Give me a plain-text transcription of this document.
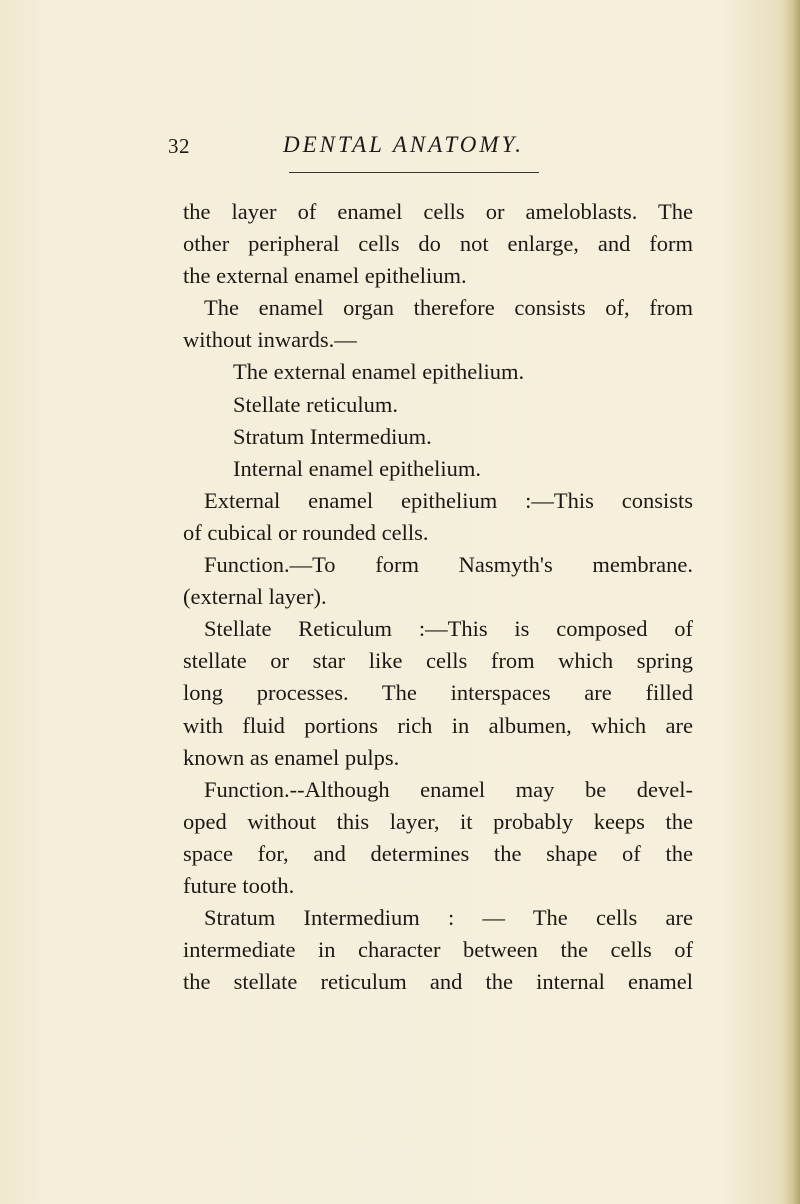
32	DENTAL ANATOMY.
the layer of enamel cells or ameloblasts. The
other peripheral cells do not enlarge, and form
the external enamel epithelium.
The enamel organ therefore consists of, from
without inwards.—
The external enamel epithelium.
Stellate reticulum.
Stratum Intermedium.
Internal enamel epithelium.
External enamel epithelium :—This consists
of cubical or rounded cells.
Function.—To form Nasmyth's membrane.
(external layer).
Stellate Reticulum :—This is composed of
stellate or star like cells from which spring
long processes. The interspaces are filled
with fluid portions rich in albumen, which are
known as enamel pulps.
Function.--Although enamel may be devel-
oped without this layer, it probably keeps the
space for, and determines the shape of the
future tooth.
Stratum Intermedium : — The cells are
intermediate in character between the cells of
the stellate reticulum and the internal enamel
